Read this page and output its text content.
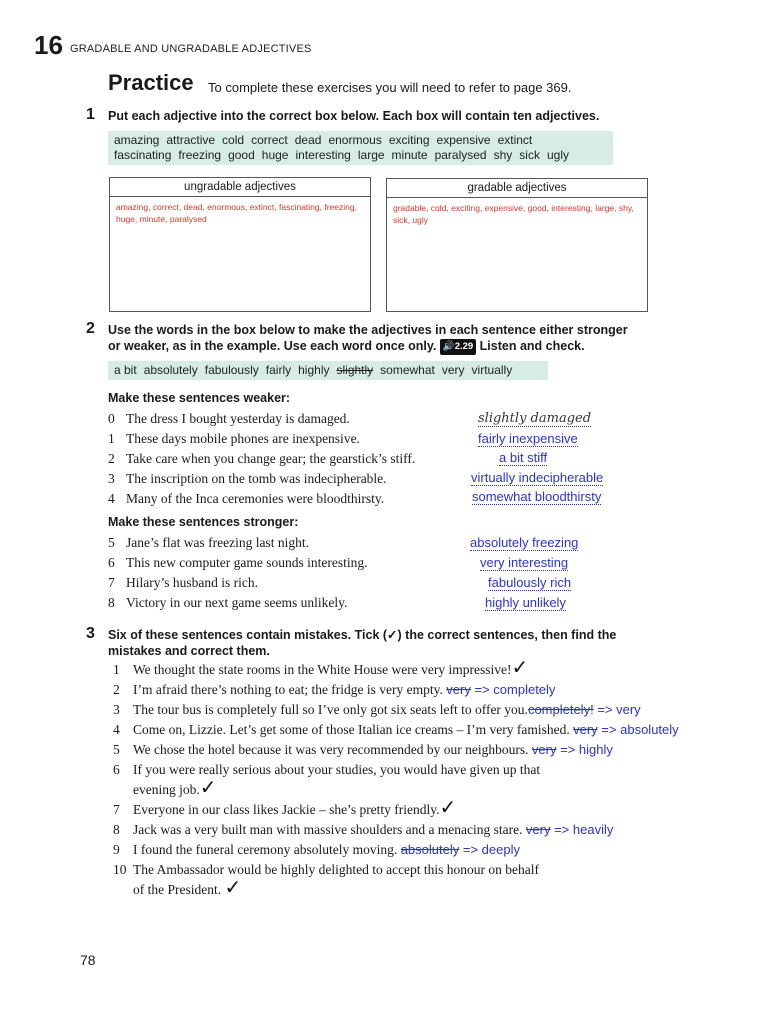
16 GRADABLE AND UNGRADABLE ADJECTIVES
Practice To complete these exercises you will need to refer to page 369.
1 Put each adjective into the correct box below. Each box will contain ten adjectives.
amazing attractive cold correct dead enormous exciting expensive extinct
fascinating freezing good huge interesting large minute paralysed shy sick ugly
ungradable adjectives
amazing, correct, dead, enormous, extinct, fascinating, freezing, huge, minute, paralysed
gradable adjectives
gradable, cold, exciting, expensive, good, interesting, large, shy, sick, ugly
2 Use the words in the box below to make the adjectives in each sentence either stronger
or weaker, as in the example. Use each word once only. 🔊2.29 Listen and check.
a bit absolutely fabulously fairly highly slightly somewhat very virtually
Make these sentences weaker:
0 The dress I bought yesterday is damaged.
1 These days mobile phones are inexpensive.
2 Take care when you change gear; the gearstick’s stiff.
3 The inscription on the tomb was indecipherable.
4 Many of the Inca ceremonies were bloodthirsty.
slightly damaged
fairly inexpensive
a bit stiff
virtually indecipherable
somewhat bloodthirsty
Make these sentences stronger:
5 Jane’s flat was freezing last night.
6 This new computer game sounds interesting.
7 Hilary’s husband is rich.
8 Victory in our next game seems unlikely.
absolutely freezing
very interesting
fabulously rich
highly unlikely
3 Six of these sentences contain mistakes. Tick (✓) the correct sentences, then find the
mistakes and correct them.
1 We thought the state rooms in the White House were very impressive!✓
2 I’m afraid there’s nothing to eat; the fridge is very empty. very => completely
3 The tour bus is completely full so I’ve only got six seats left to offer you.completely! => very
4 Come on, Lizzie. Let’s get some of those Italian ice creams – I’m very famished. very => absolutely
5 We chose the hotel because it was very recommended by our neighbours. very => highly
6 If you were really serious about your studies, you would have given up that
evening job.✓
7 Everyone in our class likes Jackie – she’s pretty friendly.✓
8 Jack was a very built man with massive shoulders and a menacing stare. very => heavily
9 I found the funeral ceremony absolutely moving. absolutely => deeply
10 The Ambassador would be highly delighted to accept this honour on behalf
of the President. ✓
78
